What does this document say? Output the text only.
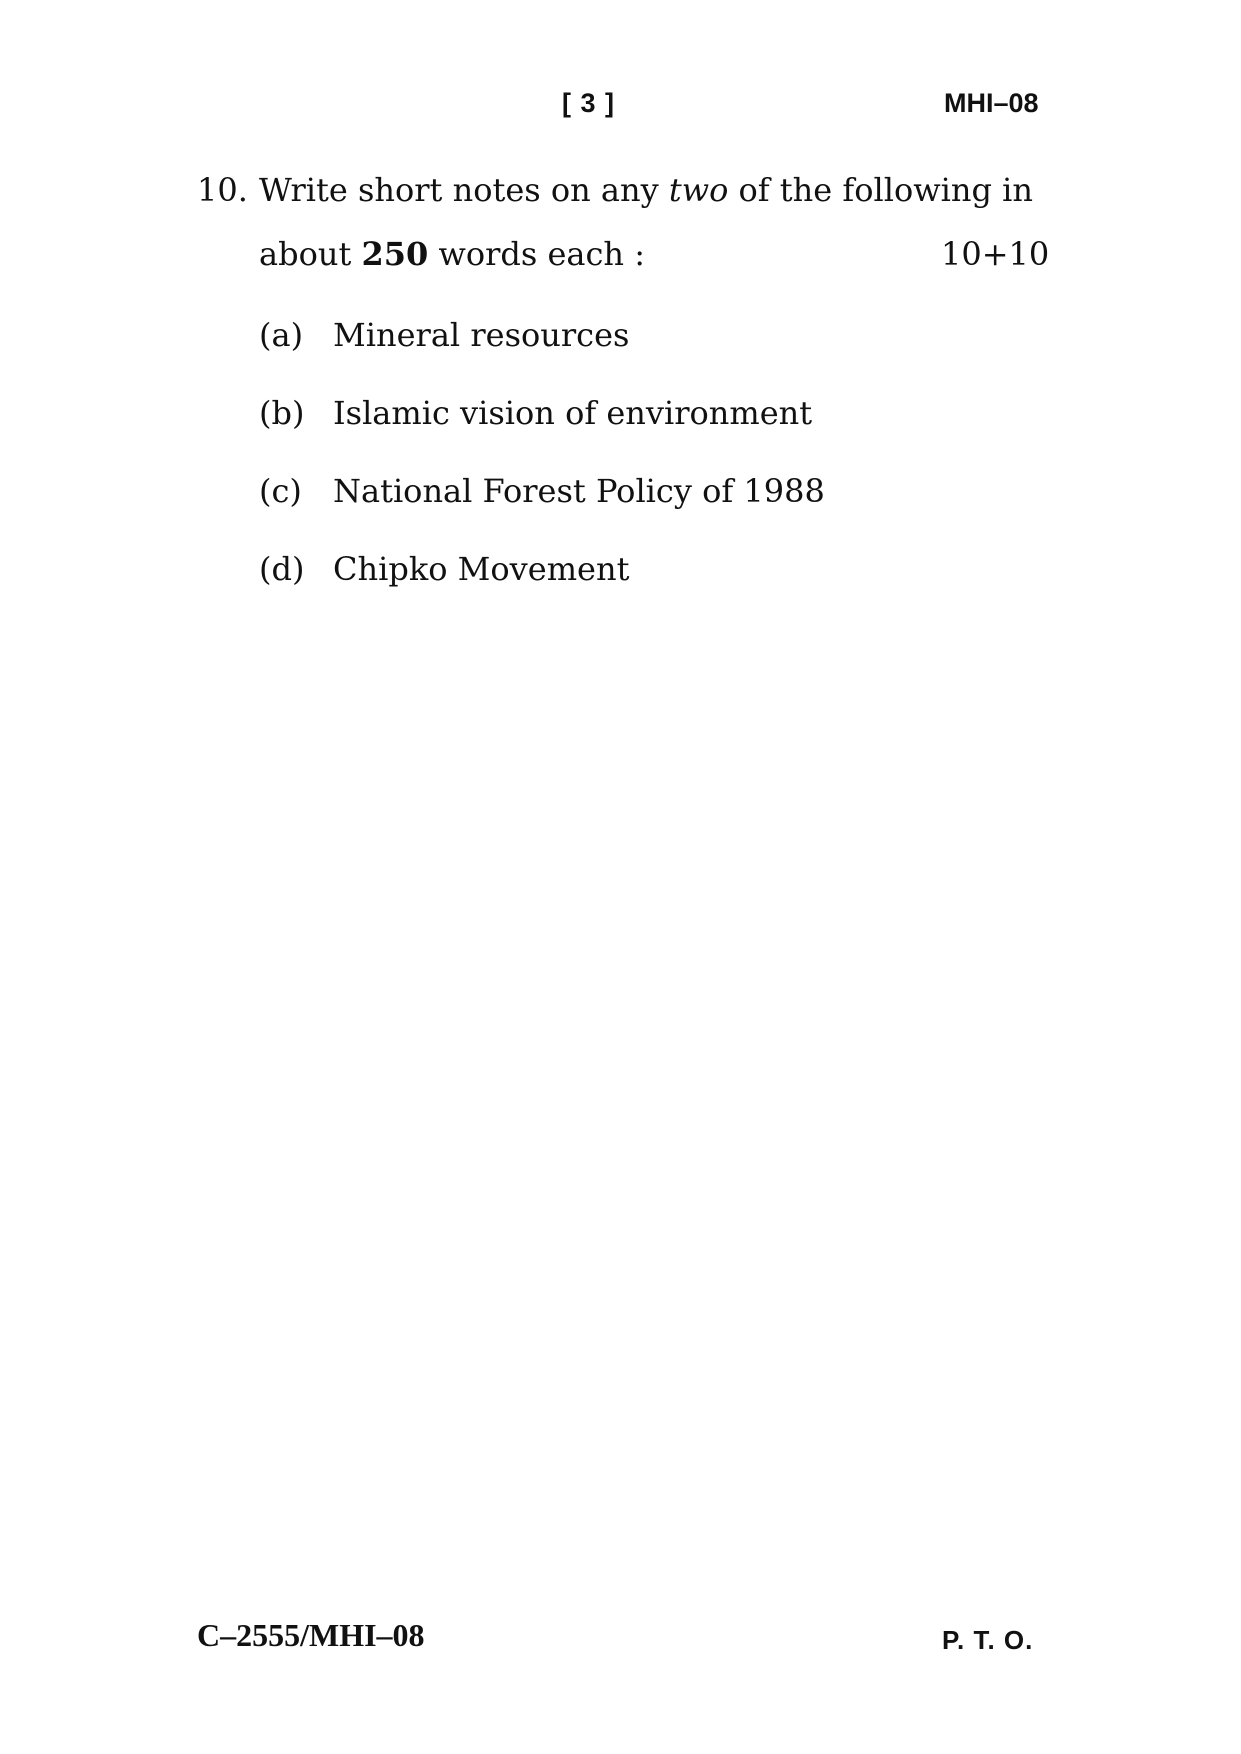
[ 3 ]	MHI–08
10. Write short notes on any two of the following in
about 250 words each :	10+10
(a) Mineral resources
(b) Islamic vision of environment
(c) National Forest Policy of 1988
(d) Chipko Movement
C–2555/MHI–08	P. T. O.
